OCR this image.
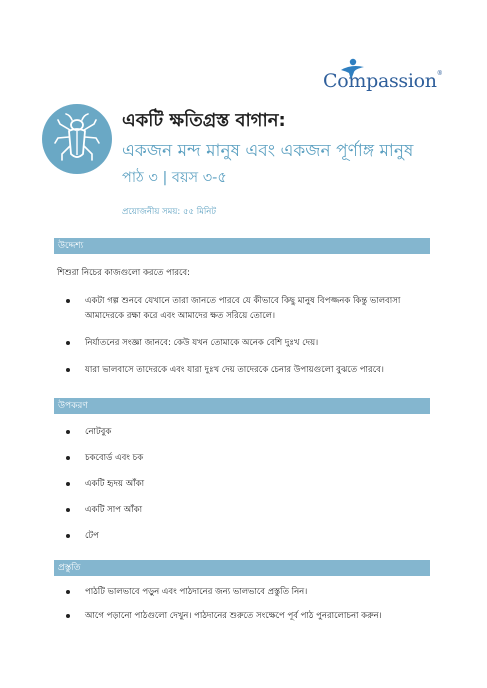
Compassion®
একটি ক্ষতিগ্রস্ত বাগান:
একজন মন্দ মানুষ এবং একজন পূর্ণাঙ্গ মানুষ
পাঠ ৩ | বয়স ৩-৫
প্রয়োজনীয় সময়: ৫৫ মিনিট
উদ্দেশ্য
শিশুরা নিচের কাজগুলো করতে পারবে:
একটা গল্প শুনবে যেখানে তারা জানতে পারবে যে কীভাবে কিছু মানুষ বিপজ্জনক কিন্তু ভালবাসা আমাদেরকে রক্ষা করে এবং আমাদের ক্ষত সরিয়ে তোলে।
নির্যাতনের সংজ্ঞা জানবে: কেউ যখন তোমাকে অনেক বেশি দুঃখ দেয়।
যারা ভালবাসে তাদেরকে এবং যারা দুঃখ দেয় তাদেরকে চেনার উপায়গুলো বুঝতে পারবে।
উপকরণ
নোটবুক
চকবোর্ড এবং চক
একটি হৃদয় আঁকা
একটি সাপ আঁকা
টেপ
প্রস্তুতি
পাঠটি ভালভাবে পড়ুন এবং পাঠদানের জন্য ভালভাবে প্রস্তুতি নিন।
আগে পড়ানো পাঠগুলো দেখুন। পাঠদানের শুরুতে সংক্ষেপে পূর্ব পাঠ পুনরালোচনা করুন।
